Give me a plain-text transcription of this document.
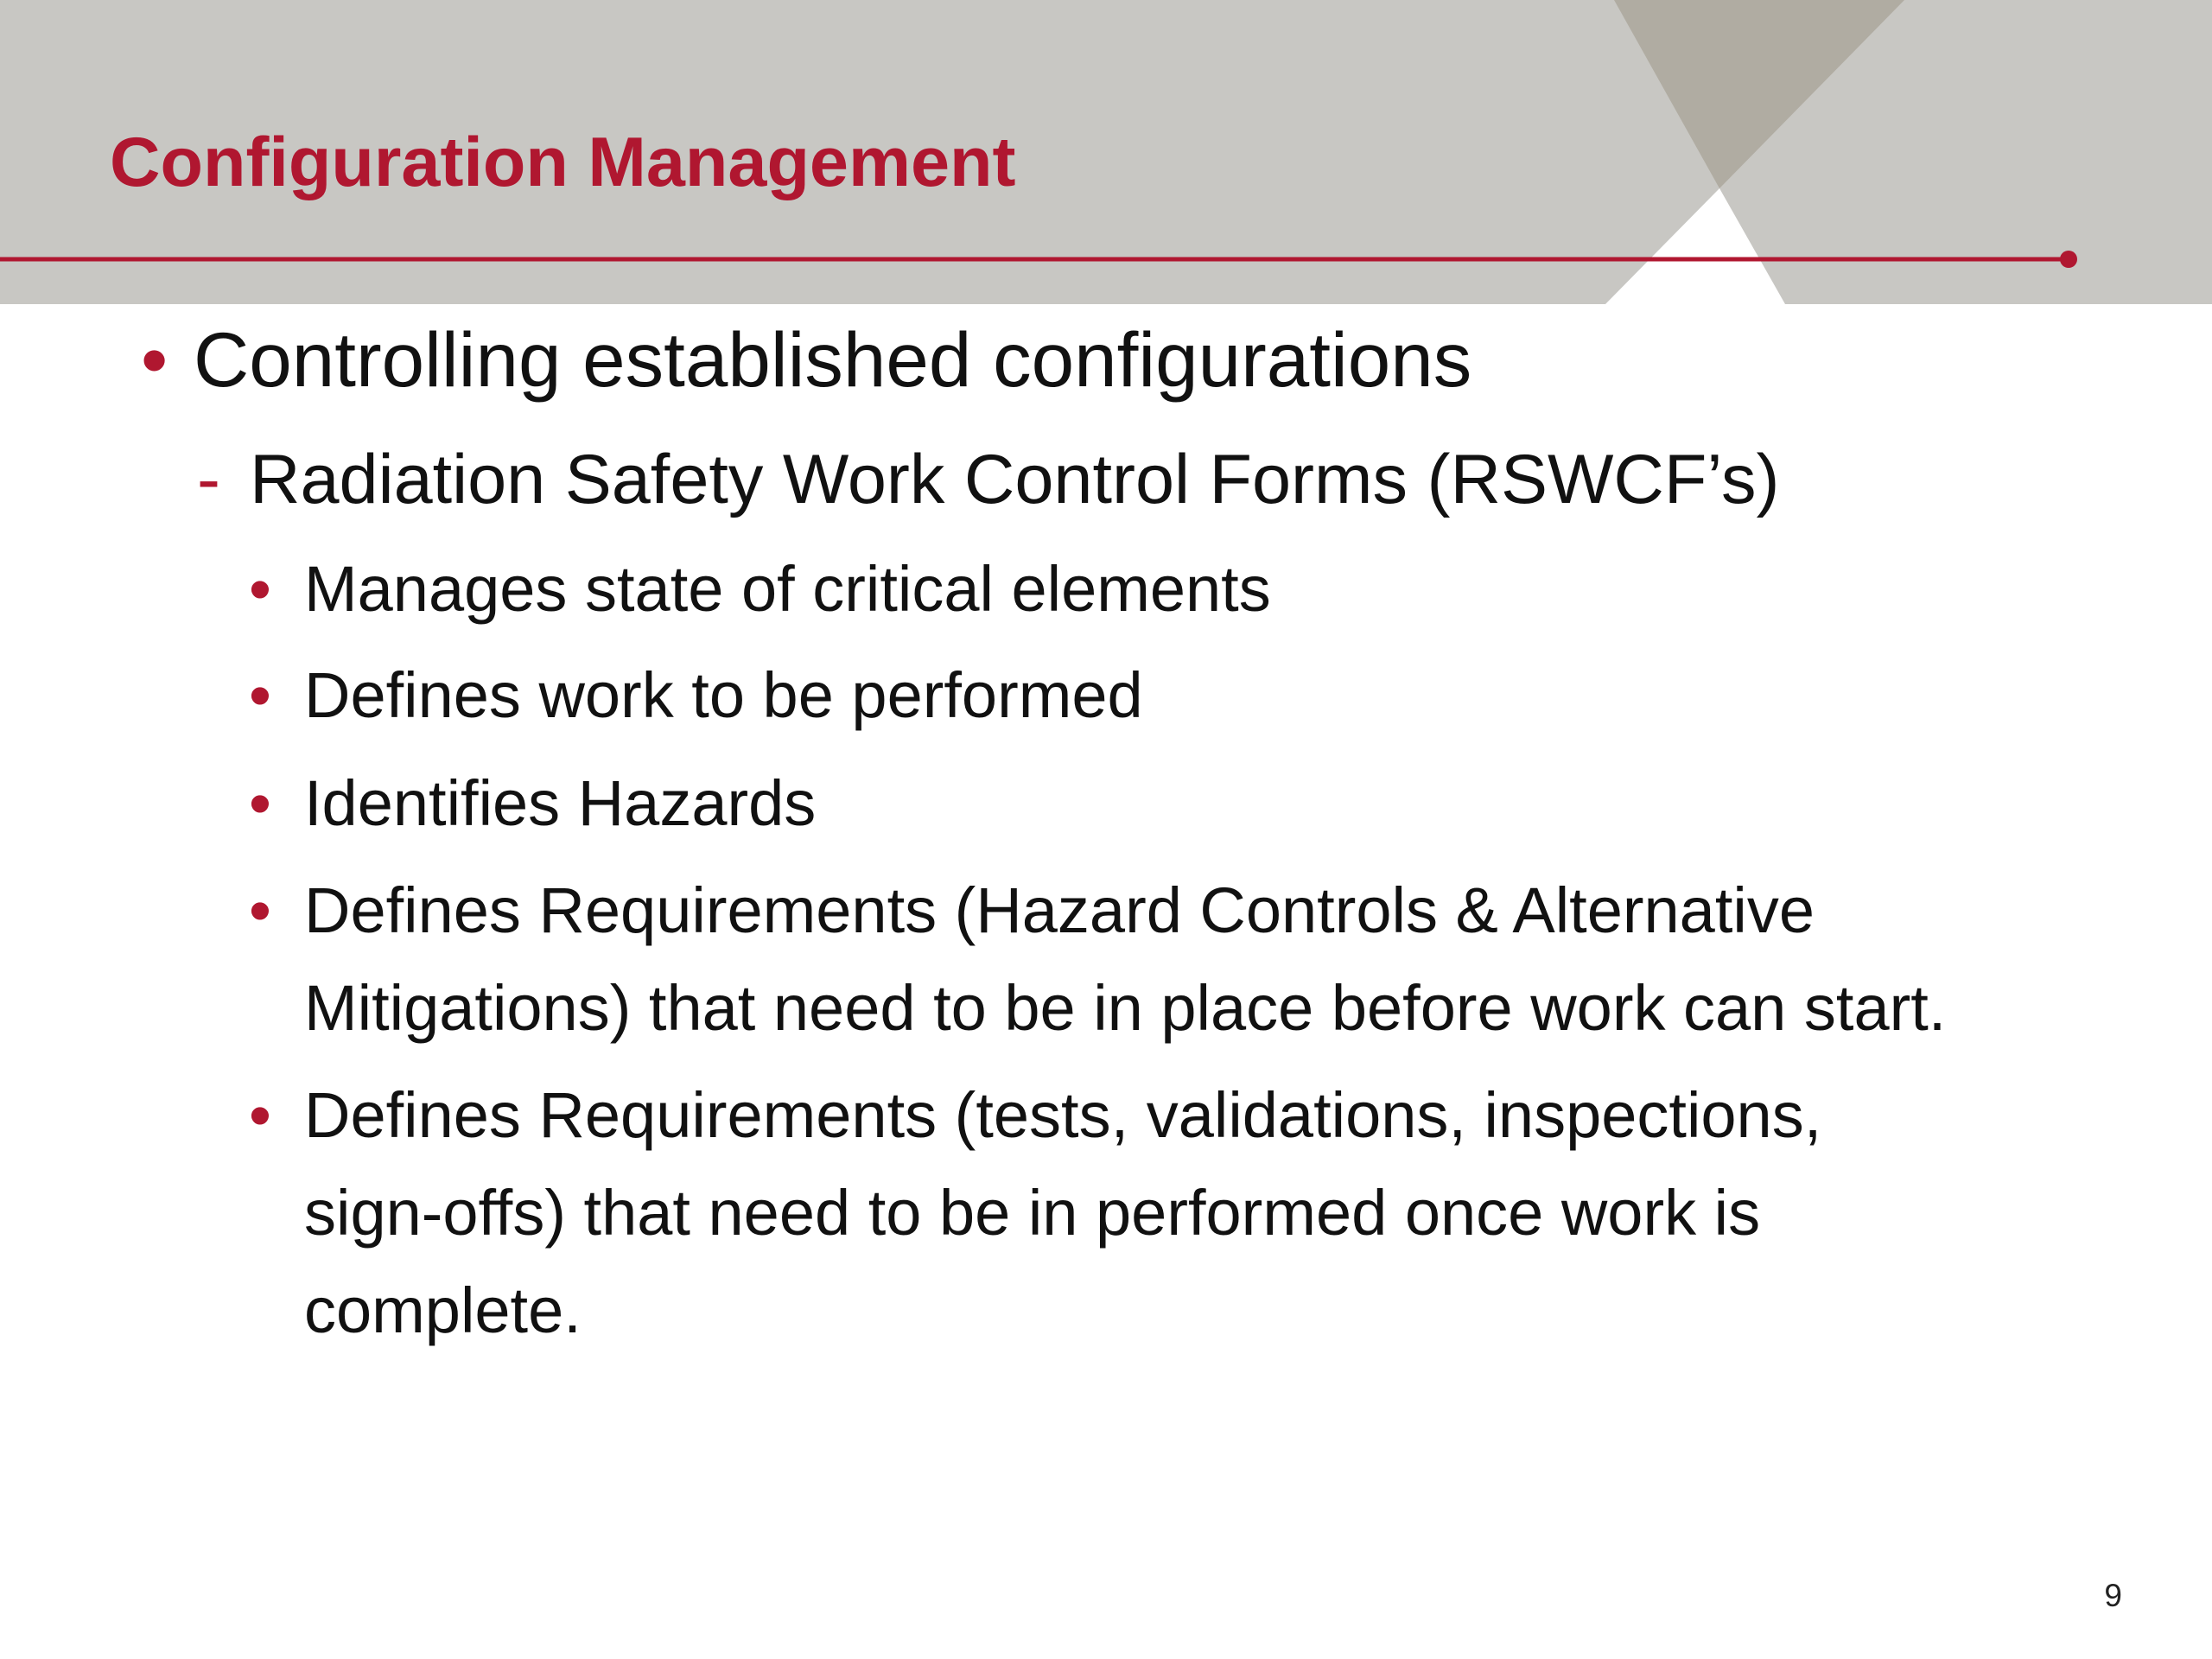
Configuration Management
• Controlling established configurations
- Radiation Safety Work Control Forms (RSWCF’s)
• Manages state of critical elements
• Defines work to be performed
• Identifies Hazards
• Defines Requirements (Hazard Controls & Alternative
Mitigations) that need to be in place before work can start.
• Defines Requirements (tests, validations, inspections,
sign-offs) that need to be in performed once work is
complete.
9
